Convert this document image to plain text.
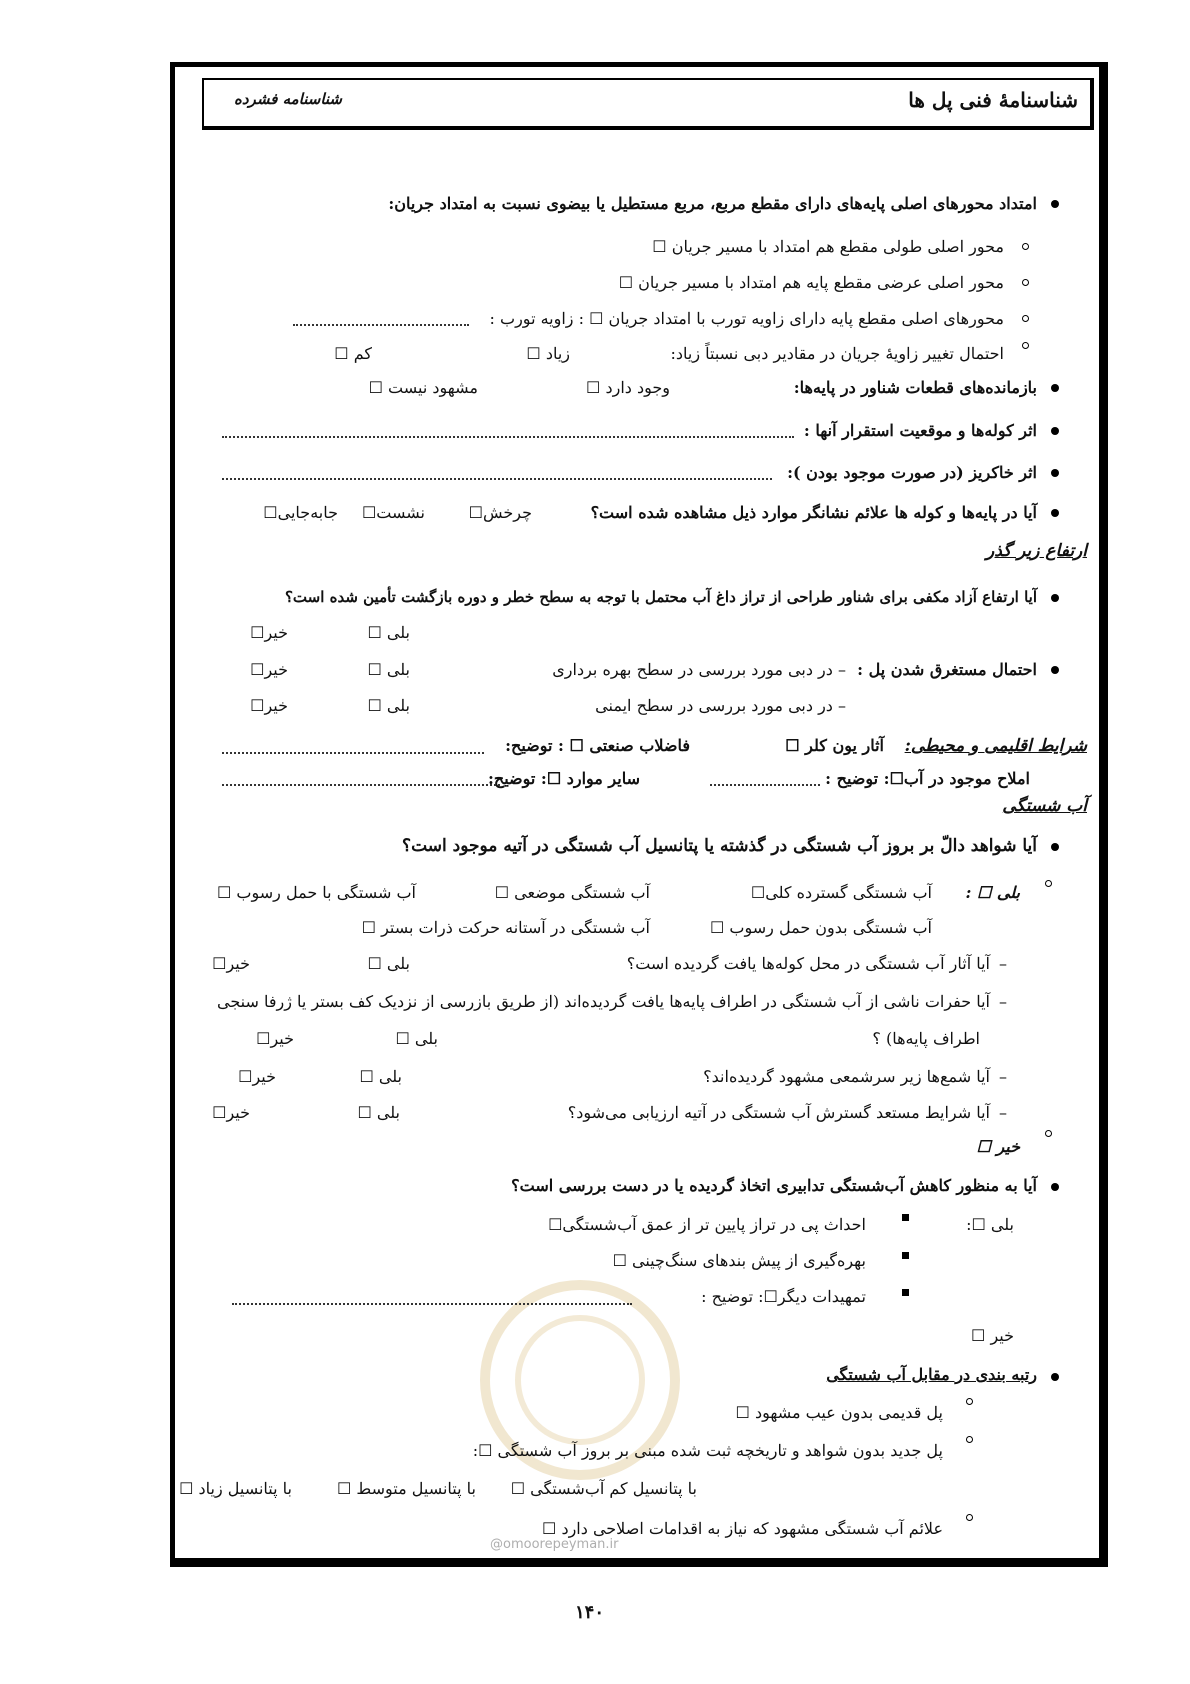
شناسنامهٔ فنی پل ها
شناسنامه فشرده
امتداد محورهای اصلی پایه‌های دارای مقطع مربع، مربع مستطیل یا بیضوی نسبت به امتداد جریان:
محور اصلی طولی مقطع هم امتداد با مسیر جریان ☐
محور اصلی عرضی مقطع پایه هم امتداد با مسیر جریان ☐
محورهای اصلی مقطع پایه دارای زاویه تورب با امتداد جریان ☐ : زاویه تورب :
احتمال تغییر زاویهٔ جریان در مقادیر دبی نسبتاً زیاد:
زیاد ☐
کم ☐
بازمانده‌های قطعات شناور در پایه‌ها:
وجود دارد ☐
مشهود نیست ☐
اثر کوله‌ها و موقعیت استقرار آنها :
اثر خاکریز (در صورت موجود بودن ):
آیا در پایه‌ها و کوله ها علائم نشانگر موارد ذیل مشاهده شده است؟
چرخش☐
نشست☐
جابه‌جایی☐
ارتفاع زیر گذر
آیا ارتفاع آزاد مکفی برای شناور طراحی از تراز داغ آب محتمل با توجه به سطح خطر و دوره بازگشت تأمین شده است؟
بلی ☐
خیر☐
احتمال مستغرق شدن پل :
– در دبی مورد بررسی در سطح بهره برداری
بلی ☐
خیر☐
– در دبی مورد بررسی در سطح ایمنی
بلی ☐
خیر☐
شرایط اقلیمی و محیطی:
آثار یون کلر ☐
فاضلاب صنعتی ☐ : توضیح:
املاح موجود در آب☐: توضیح :
سایر موارد ☐: توضیح:
آب شستگی
آیا شواهد دالّ بر بروز آب شستگی در گذشته یا پتانسیل آب شستگی در آتیه موجود است؟
بلی ☐ :
آب شستگی گسترده کلی☐
آب شستگی موضعی ☐
آب شستگی با حمل رسوب ☐
آب شستگی بدون حمل رسوب ☐
آب شستگی در آستانه حرکت ذرات بستر ☐
آیا آثار آب شستگی در محل کوله‌ها یافت گردیده است؟ –
بلی ☐
خیر☐
–
آیا حفرات ناشی از آب شستگی در اطراف پایه‌ها یافت گردیده‌اند (از طریق بازرسی از نزدیک کف بستر یا ژرفا سنجی
اطراف پایه‌ها) ؟
بلی ☐
خیر☐
–
آیا شمع‌ها زیر سرشمعی مشهود گردیده‌اند؟
بلی ☐
خیر☐
–
آیا شرایط مستعد گسترش آب شستگی در آتیه ارزیابی می‌شود؟
بلی ☐
خیر☐
خیر ☐
آیا به منظور کاهش آب‌شستگی تدابیری اتخاذ گردیده یا در دست بررسی است؟
بلی ☐:
احداث پی در تراز پایین تر از عمق آب‌شستگی☐
بهره‌گیری از پیش بندهای سنگ‌چینی ☐
تمهیدات دیگر☐: توضیح :
خیر ☐
رتبه بندی در مقابل آب شستگی
پل قدیمی بدون عیب مشهود ☐
پل جدید بدون شواهد و تاریخچه ثبت شده مبنی بر بروز آب شستگی ☐:
با پتانسیل کم آب‌شستگی ☐
با پتانسیل متوسط ☐
با پتانسیل زیاد ☐
علائم آب شستگی مشهود که نیاز به اقدامات اصلاحی دارد ☐
@omoorepeyman.ir
۱۴۰
